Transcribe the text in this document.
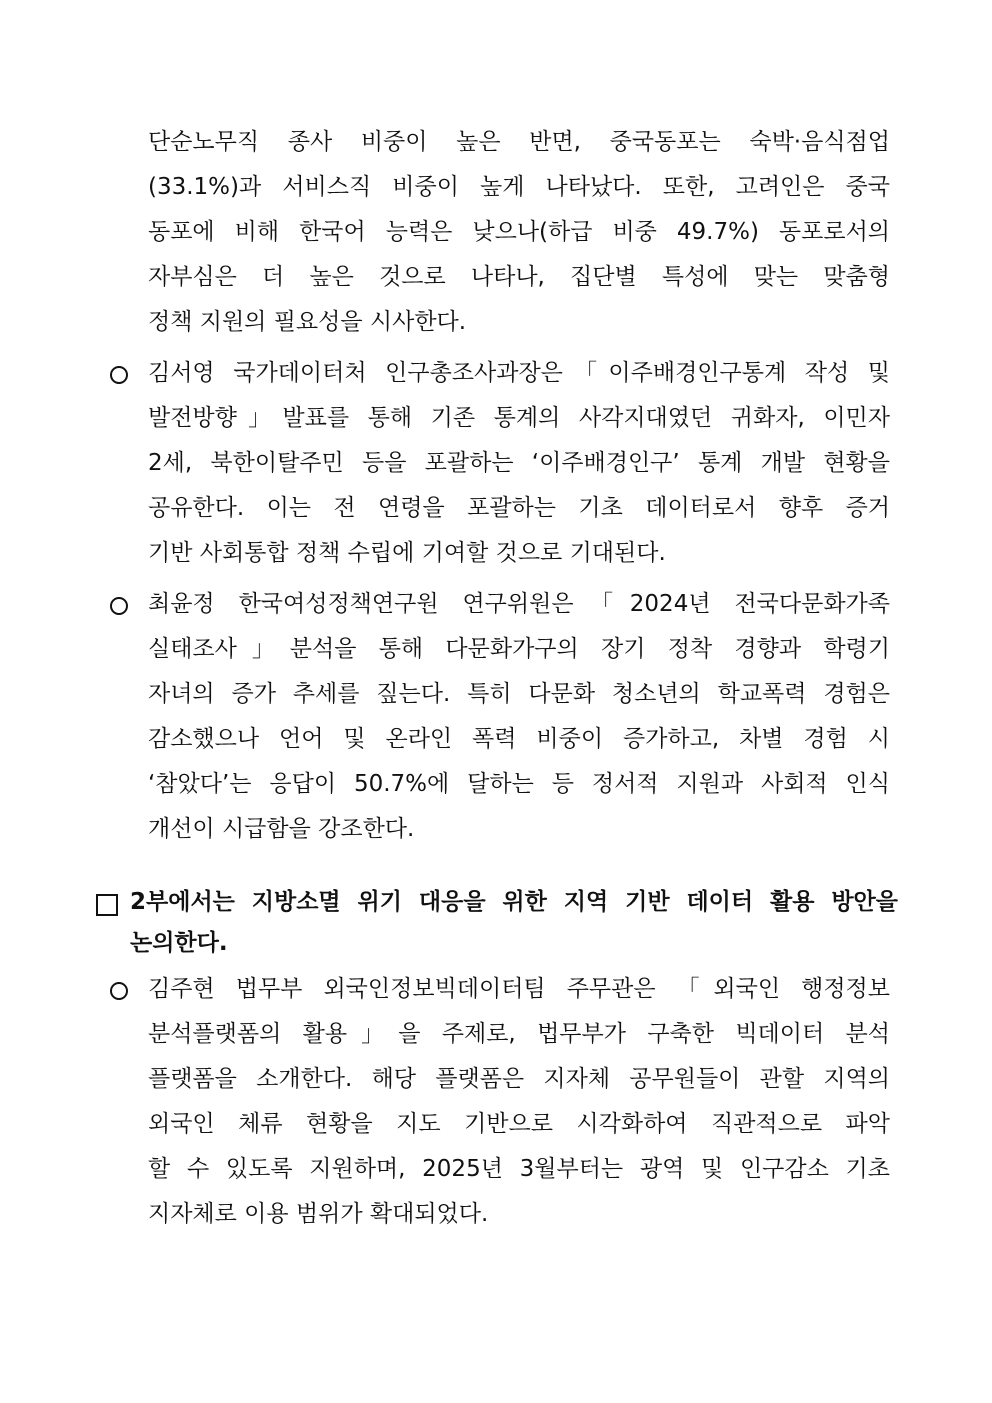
단순노무직 종사 비중이 높은 반면, 중국동포는 숙박·음식점업
(33.1%)과 서비스직 비중이 높게 나타났다. 또한, 고려인은 중국
동포에 비해 한국어 능력은 낮으나(하급 비중 49.7%) 동포로서의
자부심은 더 높은 것으로 나타나, 집단별 특성에 맞는 맞춤형
정책 지원의 필요성을 시사한다.
김서영 국가데이터처 인구총조사과장은「이주배경인구통계 작성 및
발전방향」발표를 통해 기존 통계의 사각지대였던 귀화자, 이민자
2세, 북한이탈주민 등을 포괄하는 ‘이주배경인구’ 통계 개발 현황을
공유한다. 이는 전 연령을 포괄하는 기초 데이터로서 향후 증거
기반 사회통합 정책 수립에 기여할 것으로 기대된다.
최윤정 한국여성정책연구원 연구위원은「2024년 전국다문화가족
실태조사」분석을 통해 다문화가구의 장기 정착 경향과 학령기
자녀의 증가 추세를 짚는다. 특히 다문화 청소년의 학교폭력 경험은
감소했으나 언어 및 온라인 폭력 비중이 증가하고, 차별 경험 시
‘참았다’는 응답이 50.7%에 달하는 등 정서적 지원과 사회적 인식
개선이 시급함을 강조한다.
2부에서는 지방소멸 위기 대응을 위한 지역 기반 데이터 활용 방안을
논의한다.
김주현 법무부 외국인정보빅데이터팀 주무관은 「외국인 행정정보
분석플랫폼의 활용」을 주제로, 법무부가 구축한 빅데이터 분석
플랫폼을 소개한다. 해당 플랫폼은 지자체 공무원들이 관할 지역의
외국인 체류 현황을 지도 기반으로 시각화하여 직관적으로 파악
할 수 있도록 지원하며, 2025년 3월부터는 광역 및 인구감소 기초
지자체로 이용 범위가 확대되었다.
